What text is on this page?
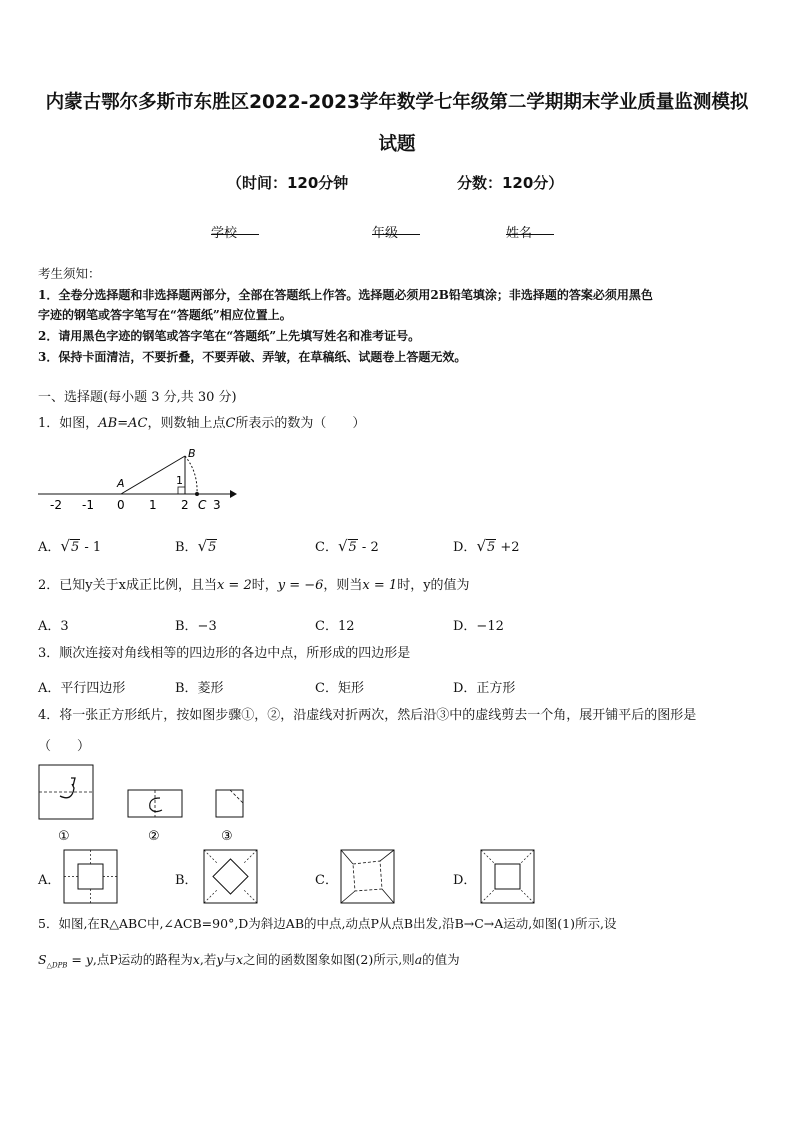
内蒙古鄂尔多斯市东胜区2022-2023学年数学七年级第二学期期末学业质量监测模拟
试题
（时间：120分钟	分数：120分）
学校	年级	姓名
考生须知：
1．全卷分选择题和非选择题两部分，全部在答题纸上作答。选择题必须用2B铅笔填涂；非选择题的答案必须用黑色
字迹的钢笔或答字笔写在“答题纸”相应位置上。
2．请用黑色字迹的钢笔或答字笔在“答题纸”上先填写姓名和准考证号。
3．保持卡面清洁，不要折叠，不要弄破、弄皱，在草稿纸、试题卷上答题无效。
一、选择题(每小题 3 分,共 30 分)
1．如图，AB=AC，则数轴上点C所表示的数为（　　）
A
B
1
C
-2 -1 0 1 2 3
A．√5 - 1	B．√5	C．√5 - 2	D．√5 +2
2．已知y关于x成正比例，且当x = 2时，y = −6，则当x = 1时，y的值为
A．3	B．−3	C．12	D．−12
3．顺次连接对角线相等的四边形的各边中点，所形成的四边形是
A．平行四边形	B．菱形	C．矩形	D．正方形
4．将一张正方形纸片，按如图步骤①，②，沿虚线对折两次，然后沿③中的虚线剪去一个角，展开铺平后的图形是
（　　）
①	②	③
A．	B．	C．	D．
5．如图,在R△ABC中,∠ACB=90°,D为斜边AB的中点,动点P从点B出发,沿B→C→A运动,如图(1)所示,设
$S_{\triangle DPB} = y$,点P运动的路程为x,若y与x之间的函数图象如图(2)所示,则a的值为
